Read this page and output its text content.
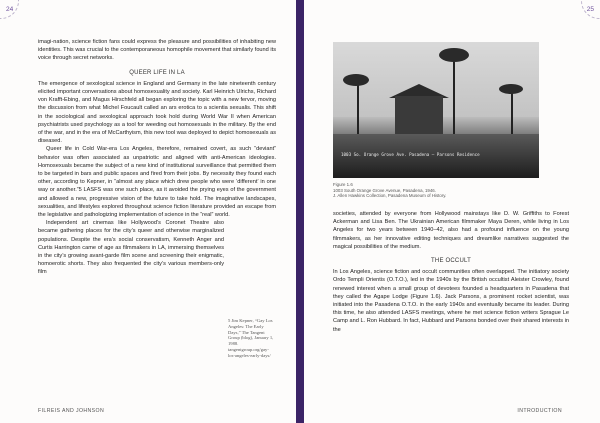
24

imagi-nation, science fiction fans could express the pleasure and possibilities of inhabiting new identities. This was crucial to the contemporaneous homophile movement that similarly found its voice through secret networks.

QUEER LIFE IN LA

The emergence of sexological science in England and Germany in the late nineteenth century elicited important conversations about homosexuality and society. Karl Heinrich Ulrichs, Richard von Krafft-Ebing, and Magus Hirschfeld all began exploring the topic with a new fervor, moving the discussion from what Michel Foucault called an ars erotica to a scientia sexualis. This shift in the sociological and sexological approach took hold during World War II when American psychiatrists used psychology as a tool for weeding out homosexuals in the military. By the end of the war, and in the era of McCarthyism, this new tool was deployed to depict homosexuals as diseased.

Queer life in Cold War-era Los Angeles, therefore, remained covert, as such “deviant” behavior was often associated as unpatriotic and aligned with anti-American ideologies. Homosexuals became the subject of a new kind of institutional surveillance that permitted them to be targeted in bars and public spaces and fired from their jobs. By necessity they found each other, according to Kepner, in “almost any place which drew people who were ‘different’ in one way or another.”5 LASFS was one such place, as it avoided the prying eyes of the government and allowed a new, progressive vision of the future to take hold. The imaginative landscapes, sexualities, and lifestyles explored throughout science fiction literature provided an escape from the legislative and pathologizing implementation of science in the “real” world.

Independent art cinemas like Hollywood’s Coronet Theatre also became gathering places for the city’s queer and otherwise marginalized populations. Despite the era’s social conservatism, Kenneth Anger and Curtis Harrington came of age as filmmakers in LA, immersing themselves in the city’s growing avant-garde film scene and screening their enigmatic, homoerotic shorts. They also frequented the city’s various members-only film

5 Jim Kepner, “Gay Los Angeles: The Early Days,” The Tangent Group (blog), January 1, 1988. tangentgroup.org/gay-los-angeles-early-days/
FILREIS AND JOHNSON
25
1003 So. Orange Grove Ave. Pasadena — Parsons Residence
Figure 1.6
1003 South Orange Grove Avenue, Pasadena, 1946.
J. Allen Hawkins Collection, Pasadena Museum of History.

societies, attended by everyone from Hollywood mainstays like D. W. Griffiths to Forest Ackerman and Lisa Ben. The Ukrainian American filmmaker Maya Deren, while living in Los Angeles for two years between 1940–42, also had a profound influence on the young filmmakers, as her innovative editing techniques and dreamlike narratives suggested the magical possibilities of the medium.

THE OCCULT

In Los Angeles, science fiction and occult communities often overlapped. The initiatory society Ordo Templi Orientis (O.T.O.), led in the 1940s by the British occultist Aleister Crowley, found renewed interest when a small group of devotees founded a headquarters in Pasadena that they called the Agape Lodge (Figure 1.6). Jack Parsons, a prominent rocket scientist, was initiated into the Pasadena O.T.O. in the early 1940s and eventually became its leader. During this time, he also attended LASFS meetings, where he met science fiction writers Sprague Le Camp and L. Ron Hubbard. In fact, Hubbard and Parsons bonded over their shared interests in the

INTRODUCTION
